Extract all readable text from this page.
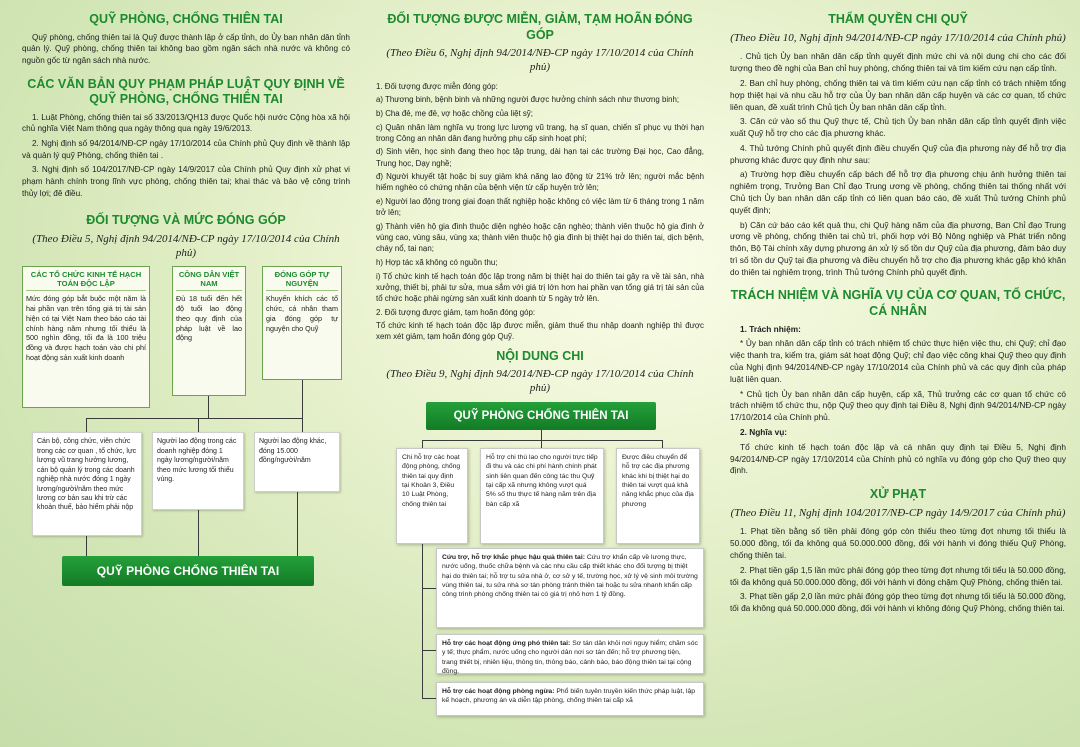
QUỸ PHÒNG, CHỐNG THIÊN TAI
Quỹ phòng, chống thiên tai là Quỹ được thành lập ở cấp tỉnh, do Ủy ban nhân dân tỉnh quản lý. Quỹ phòng, chống thiên tai không bao gồm ngân sách nhà nước và không có nguồn gốc từ ngân sách nhà nước.
CÁC VĂN BẢN QUY PHẠM PHÁP LUẬT QUY ĐỊNH VỀ QUỸ PHÒNG, CHỐNG THIÊN TAI
1. Luật Phòng, chống thiên tai số 33/2013/QH13 được Quốc hội nước Cộng hòa xã hội chủ nghĩa Việt Nam thông qua ngày thông qua ngày 19/6/2013.
2. Nghị định số 94/2014/NĐ-CP ngày 17/10/2014 của Chính phủ Quy định về thành lập và quản lý quỹ Phòng, chống thiên tai .
3. Nghị định số 104/2017/NĐ-CP ngày 14/9/2017 của Chính phủ Quy định xử phạt vi phạm hành chính trong lĩnh vực phòng, chống thiên tai; khai thác và bảo vệ công trình thủy lợi; đê điều.
ĐỐI TƯỢNG VÀ MỨC ĐÓNG GÓP
(Theo Điều 5, Nghị định 94/2014/NĐ-CP ngày 17/10/2014 của Chính phủ)
CÁC TỔ CHỨC KINH TẾ HẠCH TOÁN ĐỘC LẬP
Mức đóng góp bắt buộc một năm là hai phần vạn trên tổng giá trị tài sản hiện có tại Việt Nam theo báo cáo tài chính hàng năm nhưng tối thiểu là 500 nghìn đồng, tối đa là 100 triệu đồng và được hạch toán vào chi phí hoạt động sản xuất kinh doanh
CÔNG DÂN VIỆT NAM
Đủ 18 tuổi đến hết độ tuổi lao động theo quy định của pháp luật về lao động
ĐÓNG GÓP TỰ NGUYỆN
Khuyến khích các tổ chức, cá nhân tham gia đóng góp tự nguyện cho Quỹ
Cán bộ, công chức, viên chức trong các cơ quan , tổ chức, lực lượng vũ trang hưởng lương, cán bộ quản lý trong các doanh nghiệp nhà nước đóng 1 ngày lương/người/năm theo mức lương cơ bản sau khi trừ các khoản thuế, bảo hiểm phải nộp
Người lao động trong các doanh nghiệp đóng 1 ngày lương/người/năm theo mức lương tối thiểu vùng.
Người lao động khác, đóng 15.000 đồng/người/năm
QUỸ PHÒNG CHỐNG THIÊN TAI
ĐỐI TƯỢNG ĐƯỢC MIỄN, GIẢM, TẠM HOÃN ĐÓNG GÓP
(Theo Điều 6, Nghị định 94/2014/NĐ-CP ngày 17/10/2014 của Chính phủ)
1. Đối tượng được miễn đóng góp:
a) Thương binh, bệnh binh và những người được hưởng chính sách như thương binh;
b) Cha đẻ, mẹ đẻ, vợ hoặc chồng của liệt sỹ;
c) Quân nhân làm nghĩa vụ trong lực lượng vũ trang, hạ sĩ quan, chiến sĩ phục vụ thời hạn trong Công an nhân dân đang hưởng phụ cấp sinh hoạt phí;
d) Sinh viên, học sinh đang theo học tập trung, dài hạn tại các trường Đại học, Cao đẳng, Trung học, Dạy nghề;
đ) Người khuyết tật hoặc bị suy giảm khả năng lao động từ 21% trở lên; người mắc bệnh hiểm nghèo có chứng nhận của bệnh viện từ cấp huyện trở lên;
e) Người lao động trong giai đoạn thất nghiệp hoặc không có việc làm từ 6 tháng trong 1 năm trở lên;
g) Thành viên hộ gia đình thuộc diện nghèo hoặc cận nghèo; thành viên thuộc hộ gia đình ở vùng cao, vùng sâu, vùng xa; thành viên thuộc hộ gia đình bị thiệt hại do thiên tai, dịch bệnh, cháy nổ, tai nạn;
h) Hợp tác xã không có nguồn thu;
i) Tổ chức kinh tế hạch toán độc lập trong năm bị thiệt hại do thiên tai gây ra về tài sản, nhà xưởng, thiết bị, phải tư sửa, mua sắm với giá trị lớn hơn hai phần vạn tổng giá trị tài sản của tổ chức hoặc phải ngừng sản xuất kinh doanh từ 5 ngày trở lên.
2. Đối tượng được giảm, tạm hoãn đóng góp:
Tổ chức kinh tế hạch toán độc lập được miễn, giảm thuế thu nhập doanh nghiệp thì được xem xét giảm, tạm hoãn đóng góp Quỹ.
NỘI DUNG CHI
(Theo Điều 9, Nghị định 94/2014/NĐ-CP ngày 17/10/2014 của Chính phủ)
QUỸ PHÒNG CHỐNG THIÊN TAI
Chi hỗ trợ các hoạt động phòng, chống thiên tai quy định tại Khoản 3, Điều 10 Luật Phòng, chống thiên tai
Hỗ trợ chi thù lao cho người trực tiếp đi thu và các chi phí hành chính phát sinh liên quan đến công tác thu Quỹ tại cấp xã nhưng không vượt quá 5% số thu thực tế hàng năm trên địa bàn cấp xã
Được điều chuyển để hỗ trợ các địa phương khác khi bị thiệt hại do thiên tai vượt quá khả năng khắc phục của địa phương
Cứu trợ, hỗ trợ khắc phục hậu quả thiên tai: Cứu trợ khẩn cấp về lương thực, nước uống, thuốc chữa bệnh và các nhu cầu cấp thiết khác cho đối tượng bị thiệt hại do thiên tai; hỗ trợ tu sửa nhà ở, cơ sở y tế, trường học, xử lý vệ sinh môi trường vùng thiên tai, tu sửa nhà sơ tán phòng tránh thiên tai hoặc tu sửa nhanh khẩn cấp công trình phòng chống thiên tai có giá trị nhỏ hơn 1 tỷ đồng.
Hỗ trợ các hoạt động ứng phó thiên tai: Sơ tán dân khỏi nơi nguy hiểm; chăm sóc y tế; thực phẩm, nước uống cho người dân nơi sơ tán đến; hỗ trợ phương tiện, trang thiết bị, nhiên liệu, thông tin, thông báo, cảnh báo, báo động thiên tai tại cộng đồng.
Hỗ trợ các hoạt động phòng ngừa: Phổ biến tuyên truyền kiến thức pháp luật, lập kế hoạch, phương án và diễn tập phòng, chống thiên tai cấp xã
THẨM QUYỀN CHI QUỸ
(Theo Điều 10, Nghị định 94/2014/NĐ-CP ngày 17/10/2014 của Chính phủ)
. Chủ tịch Ủy ban nhân dân cấp tỉnh quyết định mức chi và nội dung chi cho các đối tượng theo đề nghị của Ban chỉ huy phòng, chống thiên tai và tìm kiếm cứu nạn cấp tỉnh.
2. Ban chỉ huy phòng, chống thiên tai và tìm kiếm cứu nạn cấp tỉnh có trách nhiệm tổng hợp thiệt hại và nhu cầu hỗ trợ của Ủy ban nhân dân cấp huyện và các cơ quan, tổ chức liên quan, đề xuất trình Chủ tịch Ủy ban nhân dân cấp tỉnh.
3. Căn cứ vào số thu Quỹ thực tế, Chủ tịch Ủy ban nhân dân cấp tỉnh quyết định việc xuất Quỹ hỗ trợ cho các địa phương khác.
4. Thủ tướng Chính phủ quyết định điều chuyển Quỹ của địa phương này để hỗ trợ địa phương khác được quy định như sau:
a) Trường hợp điều chuyển cấp bách để hỗ trợ địa phương chịu ảnh hưởng thiên tai nghiêm trọng, Trưởng Ban Chỉ đạo Trung ương về phòng, chống thiên tai thống nhất với Chủ tịch Ủy ban nhân dân cấp tỉnh có liên quan báo cáo, đề xuất Thủ tướng Chính phủ quyết định;
b) Căn cứ báo cáo kết quả thu, chi Quỹ hàng năm của địa phương, Ban Chỉ đạo Trung ương về phòng, chống thiên tai chủ trì, phối hợp với Bộ Nông nghiệp và Phát triển nông thôn, Bộ Tài chính xây dựng phương án xử lý số tồn dư Quỹ của địa phương, đảm bảo duy trì số tồn dư Quỹ tại địa phương và điều chuyển hỗ trợ cho địa phương khác gặp khó khăn do thiên tai nghiêm trọng, trình Thủ tướng Chính phủ quyết định.
TRÁCH NHIỆM VÀ NGHĨA VỤ CỦA CƠ QUAN, TỔ CHỨC, CÁ NHÂN
1. Trách nhiệm:
* Ủy ban nhân dân cấp tỉnh có trách nhiệm tổ chức thực hiện việc thu, chi Quỹ; chỉ đạo việc thanh tra, kiểm tra, giám sát hoạt động Quỹ; chỉ đạo việc công khai Quỹ theo quy định của Nghị định 94/2014/NĐ-CP ngày 17/10/2014 của Chính phủ và các quy định của pháp luật liên quan.
* Chủ tịch Ủy ban nhân dân cấp huyện, cấp xã, Thủ trưởng các cơ quan tổ chức có trách nhiệm tổ chức thu, nộp Quỹ theo quy định tại Điều 8, Nghị định 94/2014/NĐ-CP ngày 17/10/2014 của Chính phủ.
2. Nghĩa vụ:
Tổ chức kinh tế hạch toán độc lập và cá nhân quy định tại Điều 5, Nghị định 94/2014/NĐ-CP ngày 17/10/2014 của Chính phủ có nghĩa vụ đóng góp cho Quỹ theo quy định.
XỬ PHẠT
(Theo Điều 11, Nghị định 104/2017/NĐ-CP ngày 14/9/2017 của Chính phủ)
1. Phạt tiền bằng số tiền phải đóng góp còn thiếu theo từng đợt nhưng tối thiểu là 50.000 đồng, tối đa không quá 50.000.000 đồng, đối với hành vi đóng thiếu Quỹ Phòng, chống thiên tai.
2. Phạt tiền gấp 1,5 lần mức phải đóng góp theo từng đợt nhưng tối tiểu là 50.000 đồng, tối đa không quá 50.000.000 đồng, đối với hành vi đóng chậm Quỹ Phòng, chống thiên tai.
3. Phạt tiền gấp 2,0 lần mức phải đóng góp theo từng đợt nhưng tối tiểu là 50.000 đồng, tối đa không quá 50.000.000 đồng, đối với hành vi không đóng Quỹ Phòng, chống thiên tai.
